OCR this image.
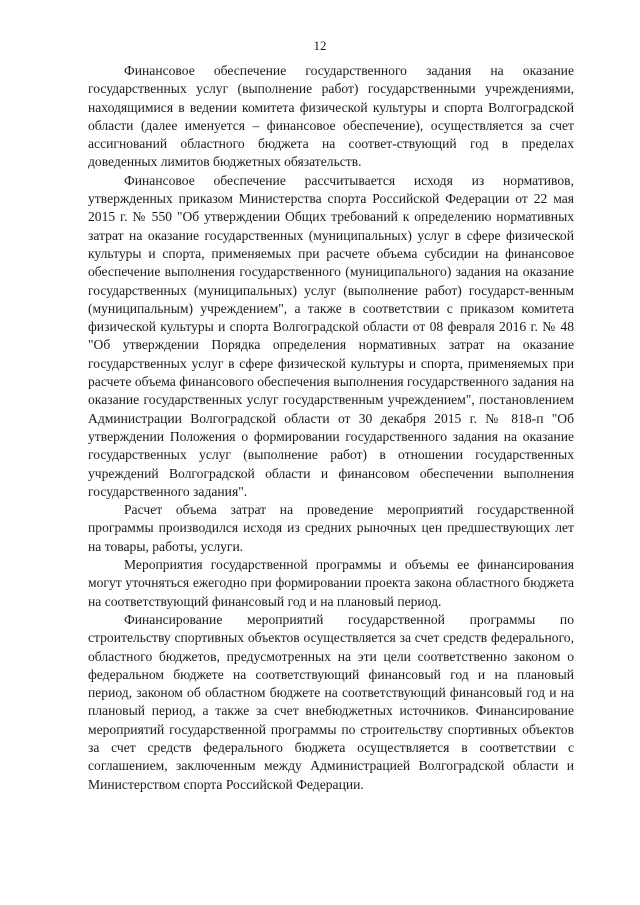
12

Финансовое обеспечение государственного задания на оказание государственных услуг (выполнение работ) государственными учреждениями, находящимися в ведении комитета физической культуры и спорта Волгоградской области (далее именуется – финансовое обеспечение), осуществляется за счет ассигнований областного бюджета на соответ-ствующий год в пределах доведенных лимитов бюджетных обязательств.

Финансовое обеспечение рассчитывается исходя из нормативов, утвержденных приказом Министерства спорта Российской Федерации от 22 мая 2015 г. № 550 "Об утверждении Общих требований к определению нормативных затрат на оказание государственных (муниципальных) услуг в сфере физической культуры и спорта, применяемых при расчете объема субсидии на финансовое обеспечение выполнения государственного (муниципального) задания на оказание государственных (муниципальных) услуг (выполнение работ) государст-венным (муниципальным) учреждением", а также в соответствии с приказом комитета физической культуры и спорта Волгоградской области от 08 февраля 2016 г. № 48 "Об утверждении Порядка определения нормативных затрат на оказание государственных услуг в сфере физической культуры и спорта, применяемых при расчете объема финансового обеспечения выполнения государственного задания на оказание государственных услуг государственным учреждением", постановлением Администрации Волгоградской области от 30 декабря 2015 г. № 818-п "Об утверждении Положения о формировании государственного задания на оказание государственных услуг (выполнение работ) в отношении государственных учреждений Волгоградской области и финансовом обеспечении выполнения государственного задания".

Расчет объема затрат на проведение мероприятий государственной программы производился исходя из средних рыночных цен предшествующих лет на товары, работы, услуги.

Мероприятия государственной программы и объемы ее финансирования могут уточняться ежегодно при формировании проекта закона областного бюджета на соответствующий финансовый год и на плановый период.

Финансирование мероприятий государственной программы по строительству спортивных объектов осуществляется за счет средств федерального, областного бюджетов, предусмотренных на эти цели соответственно законом о федеральном бюджете на соответствующий финансовый год и на плановый период, законом об областном бюджете на соответствующий финансовый год и на плановый период, а также за счет внебюджетных источников. Финансирование мероприятий государственной программы по строительству спортивных объектов за счет средств федерального бюджета осуществляется в соответствии с соглашением, заключенным между Администрацией Волгоградской области и Министерством спорта Российской Федерации.
